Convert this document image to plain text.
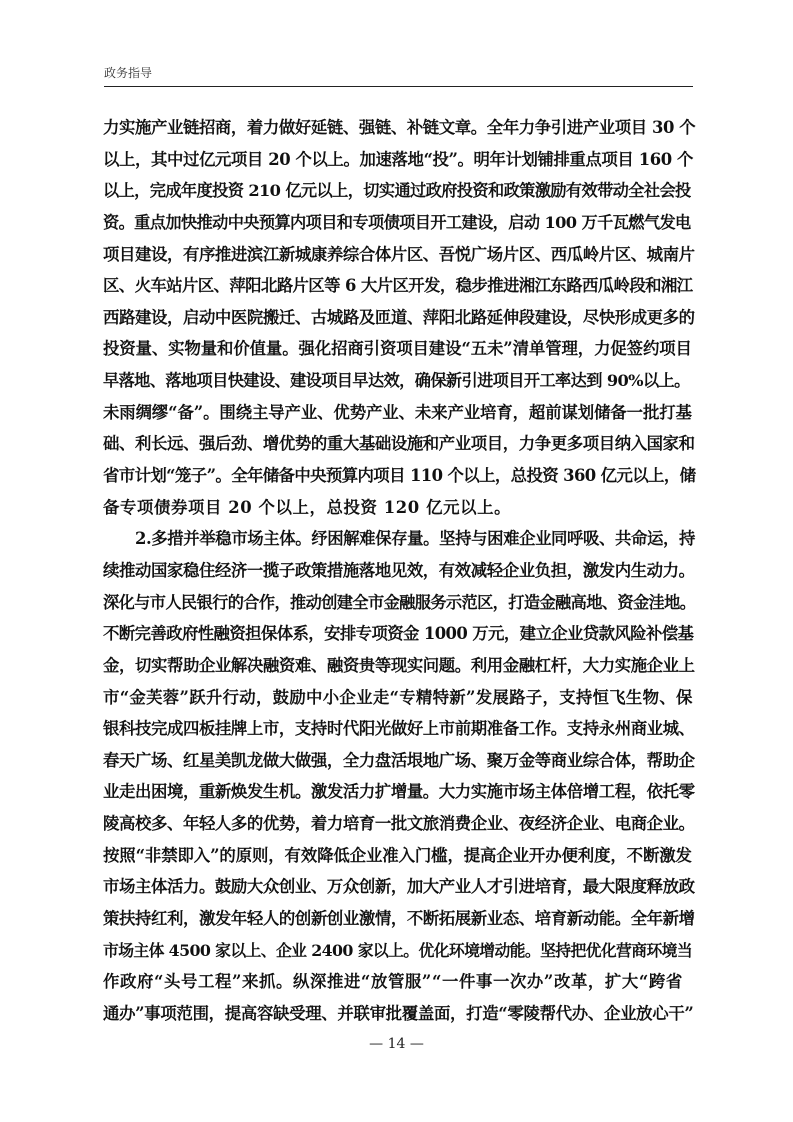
政务指导
力实施产业链招商，着力做好延链、强链、补链文章。全年力争引进产业项目 30 个
以上，其中过亿元项目 20 个以上。加速落地“投”。明年计划铺排重点项目 160 个
以上，完成年度投资 210 亿元以上，切实通过政府投资和政策激励有效带动全社会投
资。重点加快推动中央预算内项目和专项债项目开工建设，启动 100 万千瓦燃气发电
项目建设，有序推进滨江新城康养综合体片区、吾悦广场片区、西瓜岭片区、城南片
区、火车站片区、萍阳北路片区等 6 大片区开发，稳步推进湘江东路西瓜岭段和湘江
西路建设，启动中医院搬迁、古城路及匝道、萍阳北路延伸段建设，尽快形成更多的
投资量、实物量和价值量。强化招商引资项目建设“五未”清单管理，力促签约项目
早落地、落地项目快建设、建设项目早达效，确保新引进项目开工率达到 90%以上。
未雨绸缪“备”。围绕主导产业、优势产业、未来产业培育，超前谋划储备一批打基
础、利长远、强后劲、增优势的重大基础设施和产业项目，力争更多项目纳入国家和
省市计划“笼子”。全年储备中央预算内项目 110 个以上，总投资 360 亿元以上，储
备专项债券项目 20 个以上，总投资 120 亿元以上。
　　2.多措并举稳市场主体。纾困解难保存量。坚持与困难企业同呼吸、共命运，持
续推动国家稳住经济一揽子政策措施落地见效，有效减轻企业负担，激发内生动力。
深化与市人民银行的合作，推动创建全市金融服务示范区，打造金融高地、资金洼地。
不断完善政府性融资担保体系，安排专项资金 1000 万元，建立企业贷款风险补偿基
金，切实帮助企业解决融资难、融资贵等现实问题。利用金融杠杆，大力实施企业上
市“金芙蓉”跃升行动，鼓励中小企业走“专精特新”发展路子，支持恒飞生物、保
银科技完成四板挂牌上市，支持时代阳光做好上市前期准备工作。支持永州商业城、
春天广场、红星美凯龙做大做强，全力盘活垠地广场、聚万金等商业综合体，帮助企
业走出困境，重新焕发生机。激发活力扩增量。大力实施市场主体倍增工程，依托零
陵高校多、年轻人多的优势，着力培育一批文旅消费企业、夜经济企业、电商企业。
按照“非禁即入”的原则，有效降低企业准入门槛，提高企业开办便利度，不断激发
市场主体活力。鼓励大众创业、万众创新，加大产业人才引进培育，最大限度释放政
策扶持红利，激发年轻人的创新创业激情，不断拓展新业态、培育新动能。全年新增
市场主体 4500 家以上、企业 2400 家以上。优化环境增动能。坚持把优化营商环境当
作政府“头号工程”来抓。纵深推进“放管服”“一件事一次办”改革，扩大“跨省
通办”事项范围，提高容缺受理、并联审批覆盖面，打造“零陵帮代办、企业放心干”
— 14 —
